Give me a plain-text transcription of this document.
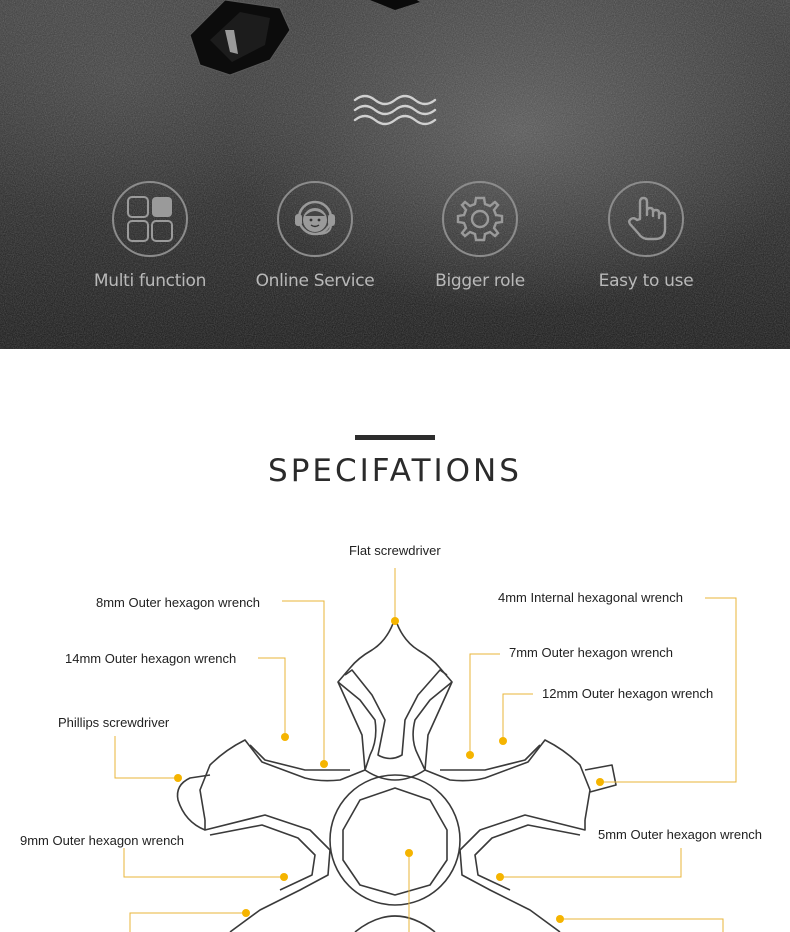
Multi function	Online Service	Bigger role	Easy to use
SPECIFATIONS
Flat screwdriver
8mm Outer hexagon wrench
14mm Outer hexagon wrench
Phillips screwdriver
9mm Outer hexagon wrench
4mm Internal hexagonal wrench
7mm Outer hexagon wrench
12mm Outer hexagon wrench
5mm Outer hexagon wrench
